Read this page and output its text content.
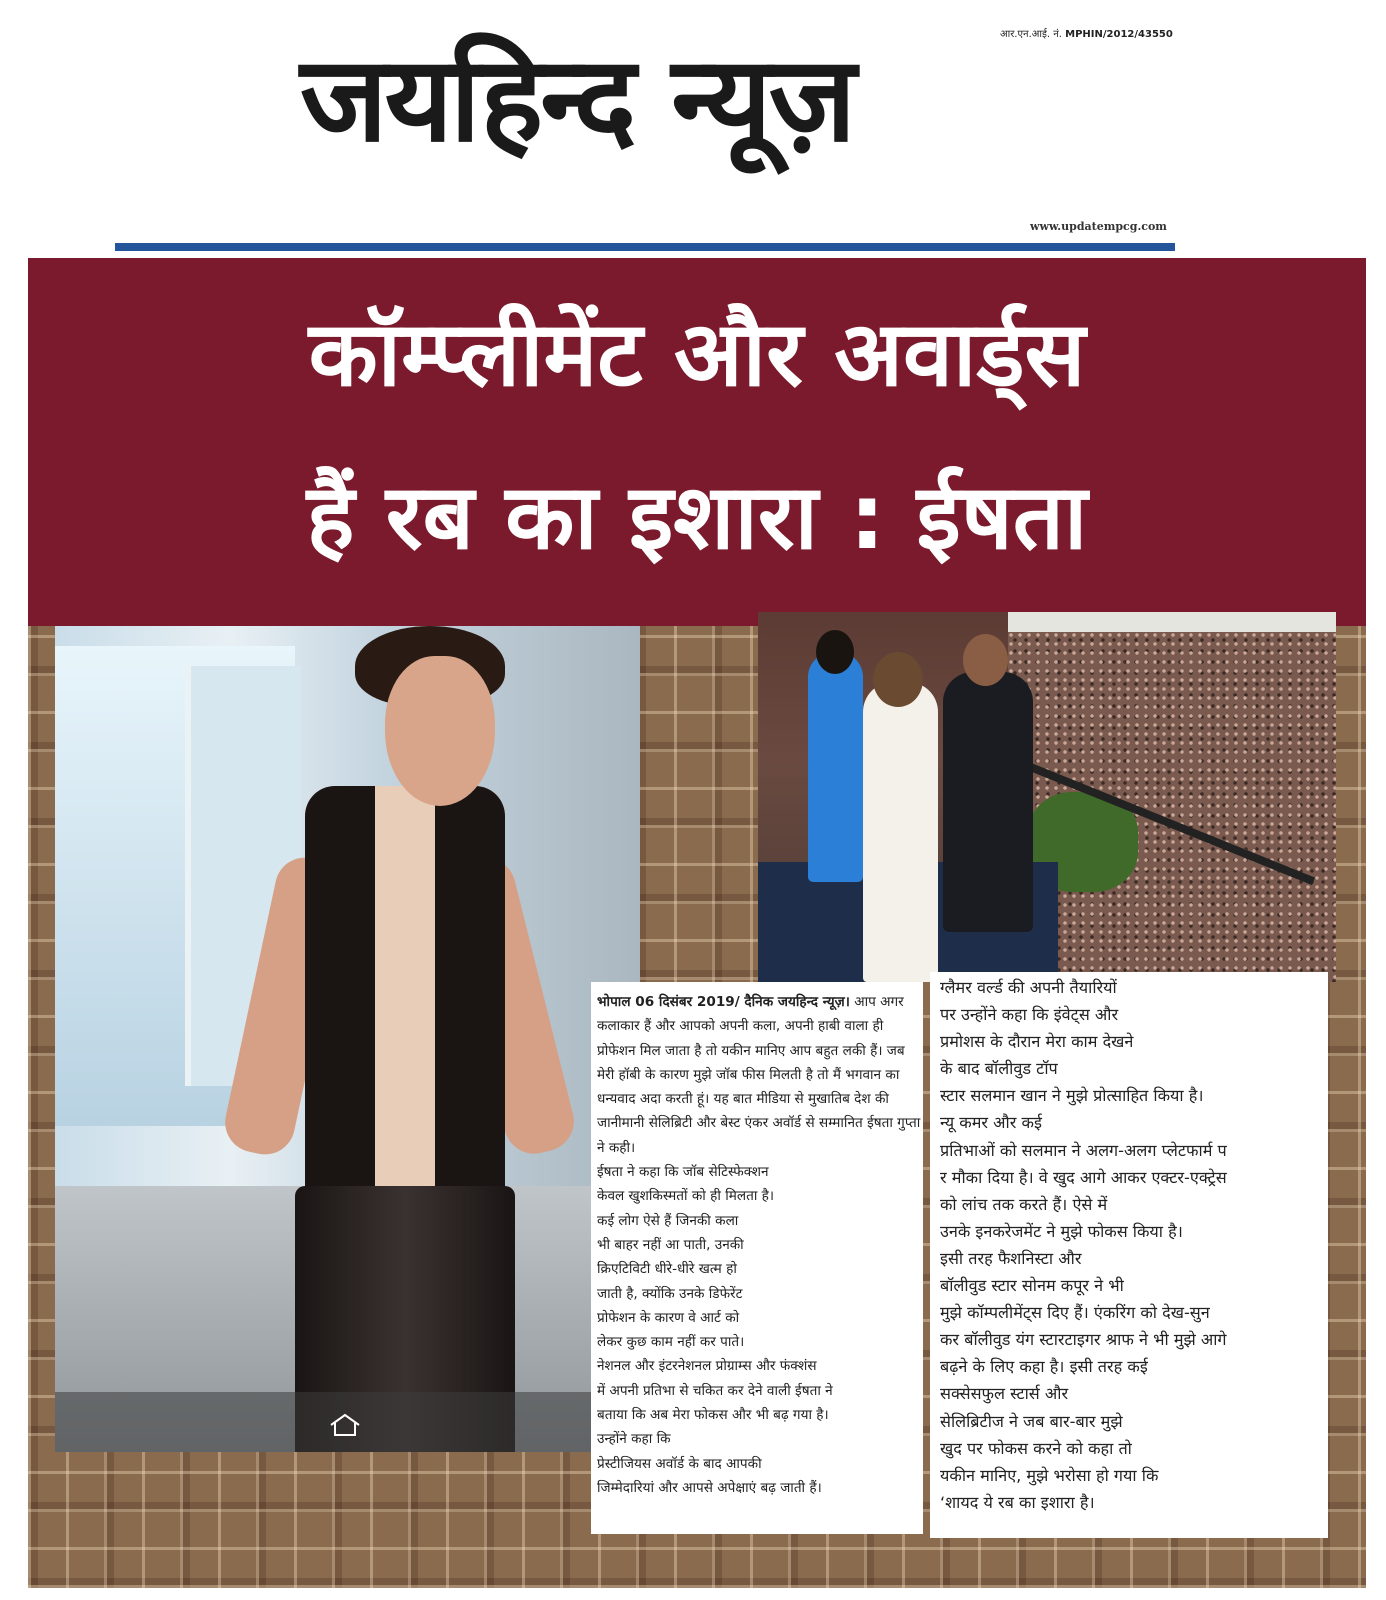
आर.एन.आई. नं. MPHIN/2012/43550
जयहिन्द न्यूज़
www.updatempcg.com
कॉम्प्लीमेंट और अवार्ड्स
हैं रब का इशारा : ईषता
भोपाल 06 दिसंबर 2019/ दैनिक जयहिन्द न्यूज़। आप अगर कलाकार हैं और आपको अपनी कला, अपनी हाबी वाला ही प्रोफेशन मिल जाता है तो यकीन मानिए आप बहुत लकी हैं। जब मेरी हॉबी के कारण मुझे जॉब फीस मिलती है तो मैं भगवान का धन्यवाद अदा करती हूं। यह बात मीडिया से मुखातिब देश की जानीमानी सेलिब्रिटी और बेस्ट एंकर अवॉर्ड से सम्मानित ईषता गुप्ता ने कही।
ईषता ने कहा कि जॉब सेटिस्फेक्शन
केवल खुशकिस्मतों को ही मिलता है।
कई लोग ऐसे हैं जिनकी कला
भी बाहर नहीं आ पाती, उनकी
क्रिएटिविटी धीरे-धीरे खत्म हो
जाती है, क्योंकि उनके डिफेरेंट
प्रोफेशन के कारण वे आर्ट को
लेकर कुछ काम नहीं कर पाते।
नेशनल और इंटरनेशनल प्रोग्राम्स और फंक्शंस
में अपनी प्रतिभा से चकित कर देने वाली ईषता ने
बताया कि अब मेरा फोकस और भी बढ़ गया है।
उन्होंने कहा कि
प्रेस्टीजियस अवॉर्ड के बाद आपकी
जिम्मेदारियां और आपसे अपेक्षाएं बढ़ जाती हैं।
ग्लैमर वर्ल्ड की अपनी तैयारियों
पर उन्होंने कहा कि इंवेट्स और
प्रमोशस के दौरान मेरा काम देखने
के बाद बॉलीवुड टॉप
स्टार सलमान खान ने मुझे प्रोत्साहित किया है।
न्यू कमर और कई
प्रतिभाओं को सलमान ने अलग-अलग प्लेटफार्म प
र मौका दिया है। वे खुद आगे आकर एक्टर-एक्ट्रेस
को लांच तक करते हैं। ऐसे में
उनके इनकरेजमेंट ने मुझे फोकस किया है।
इसी तरह फैशनिस्टा और
बॉलीवुड स्टार सोनम कपूर ने भी
मुझे कॉम्पलीमेंट्स दिए हैं। एंकरिंग को देख-सुन
कर बॉलीवुड यंग स्टारटाइगर श्राफ ने भी मुझे आगे
बढ़ने के लिए कहा है। इसी तरह कई
सक्सेसफुल स्टार्स और
सेलिब्रिटीज ने जब बार-बार मुझे
खुद पर फोकस करने को कहा तो
यकीन मानिए, मुझे भरोसा हो गया कि
‘शायद ये रब का इशारा है।
